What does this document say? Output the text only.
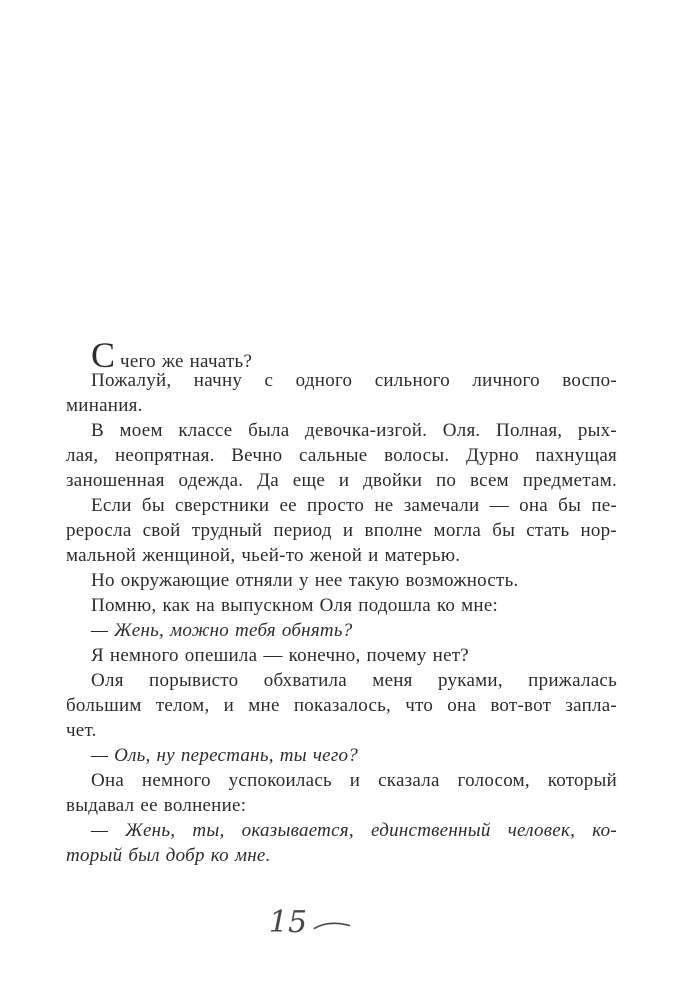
Счего же начать?
Пожалуй, начну с одного сильного личного воспо-
минания.
В моем классе была девочка-изгой. Оля. Полная, рых-
лая, неопрятная. Вечно сальные волосы. Дурно пахнущая
заношенная одежда. Да еще и двойки по всем предметам.
Если бы сверстники ее просто не замечали — она бы пе-
реросла свой трудный период и вполне могла бы стать нор-
мальной женщиной, чьей-то женой и матерью.
Но окружающие отняли у нее такую возможность.
Помню, как на выпускном Оля подошла ко мне:
— Жень, можно тебя обнять?
Я немного опешила — конечно, почему нет?
Оля порывисто обхватила меня руками, прижалась
большим телом, и мне показалось, что она вот-вот запла-
чет.
— Оль, ну перестань, ты чего?
Она немного успокоилась и сказала голосом, который
выдавал ее волнение:
— Жень, ты, оказывается, единственный человек, ко-
торый был добр ко мне.
15
